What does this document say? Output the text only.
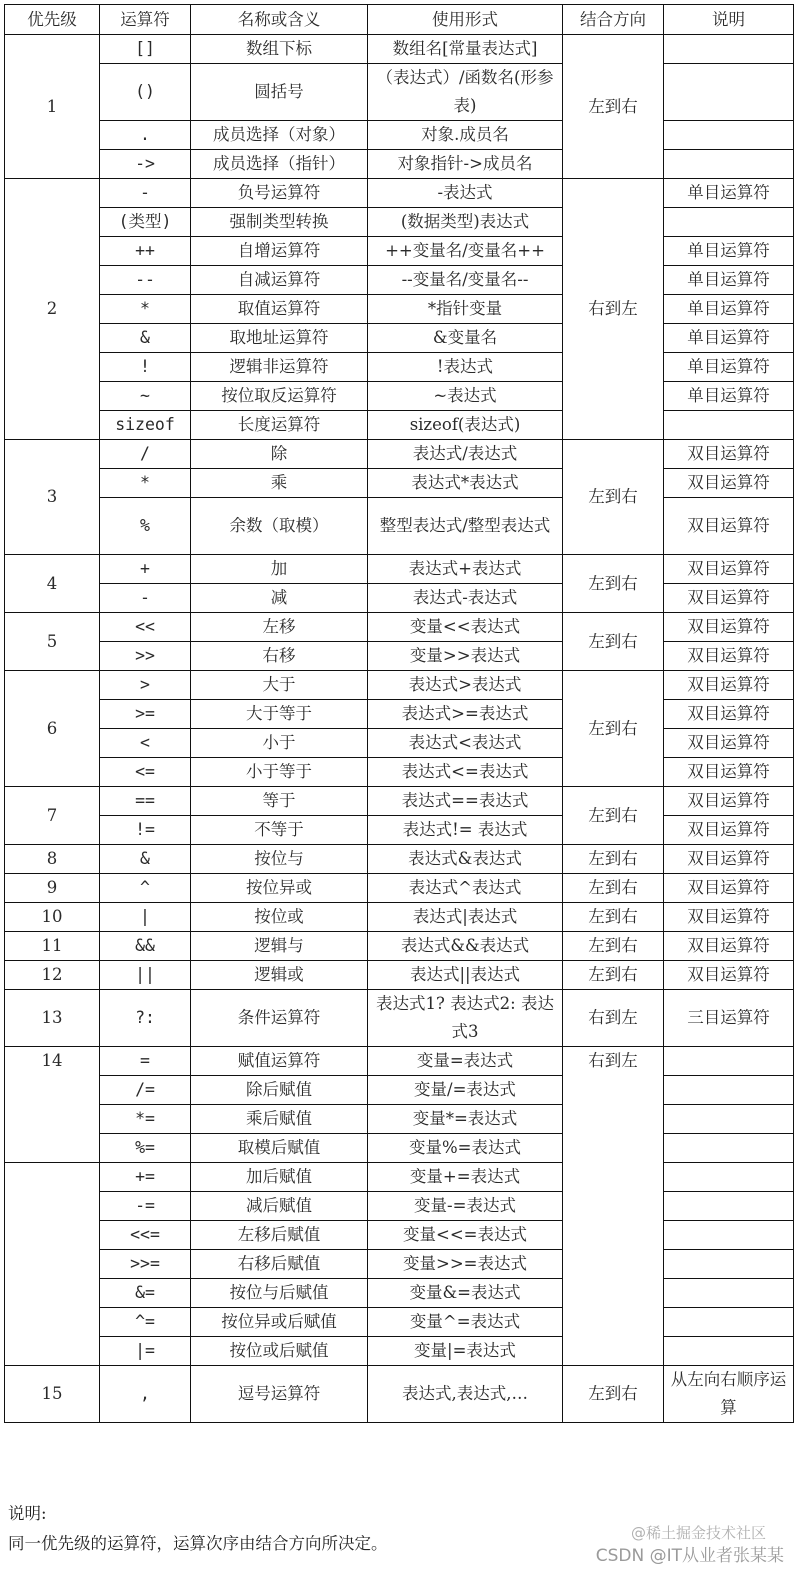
优先级	运算符	名称或含义	使用形式	结合方向	说明
1	[]	数组下标	数组名[常量表达式]	左到右	
	()	圆括号	（表达式）/函数名(形参表)		
	.	成员选择（对象）	对象.成员名		
	->	成员选择（指针）	对象指针->成员名		
2	-	负号运算符	-表达式	右到左	单目运算符
	(类型)	强制类型转换	(数据类型)表达式		
	++	自增运算符	++变量名/变量名++		单目运算符
	--	自减运算符	--变量名/变量名--		单目运算符
	*	取值运算符	*指针变量		单目运算符
	&	取地址运算符	&变量名		单目运算符
	!	逻辑非运算符	!表达式		单目运算符
	~	按位取反运算符	~表达式		单目运算符
	sizeof	长度运算符	sizeof(表达式)		
3	/	除	表达式/表达式	左到右	双目运算符
	*	乘	表达式*表达式		双目运算符
	%	余数（取模）	整型表达式/整型表达式		双目运算符
4	+	加	表达式+表达式	左到右	双目运算符
	-	减	表达式-表达式		双目运算符
5	<<	左移	变量<<表达式	左到右	双目运算符
	>>	右移	变量>>表达式		双目运算符
6	>	大于	表达式>表达式	左到右	双目运算符
	>=	大于等于	表达式>=表达式		双目运算符
	<	小于	表达式<表达式		双目运算符
	<=	小于等于	表达式<=表达式		双目运算符
7	==	等于	表达式==表达式	左到右	双目运算符
	!=	不等于	表达式!= 表达式		双目运算符
8	&	按位与	表达式&表达式	左到右	双目运算符
9	^	按位异或	表达式^表达式	左到右	双目运算符
10	|	按位或	表达式|表达式	左到右	双目运算符
11	&&	逻辑与	表达式&&表达式	左到右	双目运算符
12	||	逻辑或	表达式||表达式	左到右	双目运算符
13	?:	条件运算符	表达式1? 表达式2: 表达式3	右到左	三目运算符
14	=	赋值运算符	变量=表达式	右到左	
	/=	除后赋值	变量/=表达式		
	*=	乘后赋值	变量*=表达式		
	%=	取模后赋值	变量%=表达式		
	+=	加后赋值	变量+=表达式		
	-=	减后赋值	变量-=表达式		
	<<=	左移后赋值	变量<<=表达式		
	>>=	右移后赋值	变量>>=表达式		
	&=	按位与后赋值	变量&=表达式		
	^=	按位异或后赋值	变量^=表达式		
	|=	按位或后赋值	变量|=表达式		
15	,	逗号运算符	表达式,表达式,…	左到右	从左向右顺序运算
说明:
同一优先级的运算符，运算次序由结合方向所决定。
@稀土掘金技术社区
CSDN @IT从业者张某某
